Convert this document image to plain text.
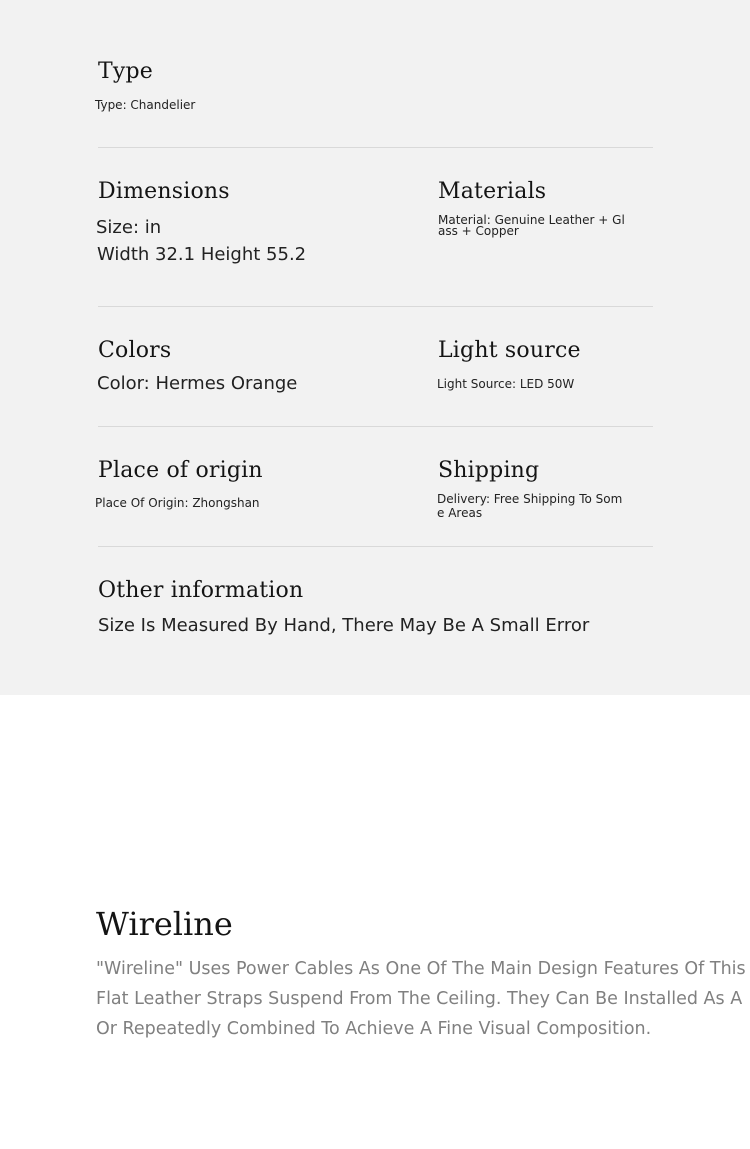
Type
Type: Chandelier
Dimensions
Size: in
Width 32.1 Height 55.2
Materials
Material: Genuine Leather + Glass + Copper
Colors
Color: Hermes Orange
Light source
Light Source: LED 50W
Place of origin
Place Of Origin: Zhongshan
Shipping
Delivery: Free Shipping To Some Areas
Other information
Size Is Measured By Hand, There May Be A Small Error
Wireline
"Wireline" Uses Power Cables As One Of The Main Design Features Of This
Flat Leather Straps Suspend From The Ceiling. They Can Be Installed As A
Or Repeatedly Combined To Achieve A Fine Visual Composition.
